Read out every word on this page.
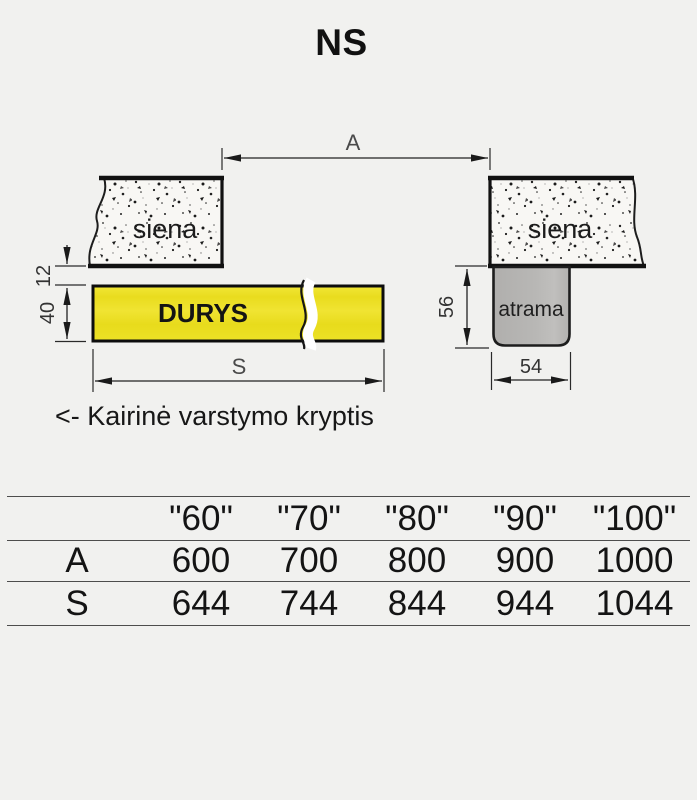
NS
siena	siena
A
DURYS
12
40
S
atrama
56
54
<- Kairinė varstymo kryptis
	"60"	"70"	"80"	"90"	"100"
A	600	700	800	900	1000
S	644	744	844	944	1044
